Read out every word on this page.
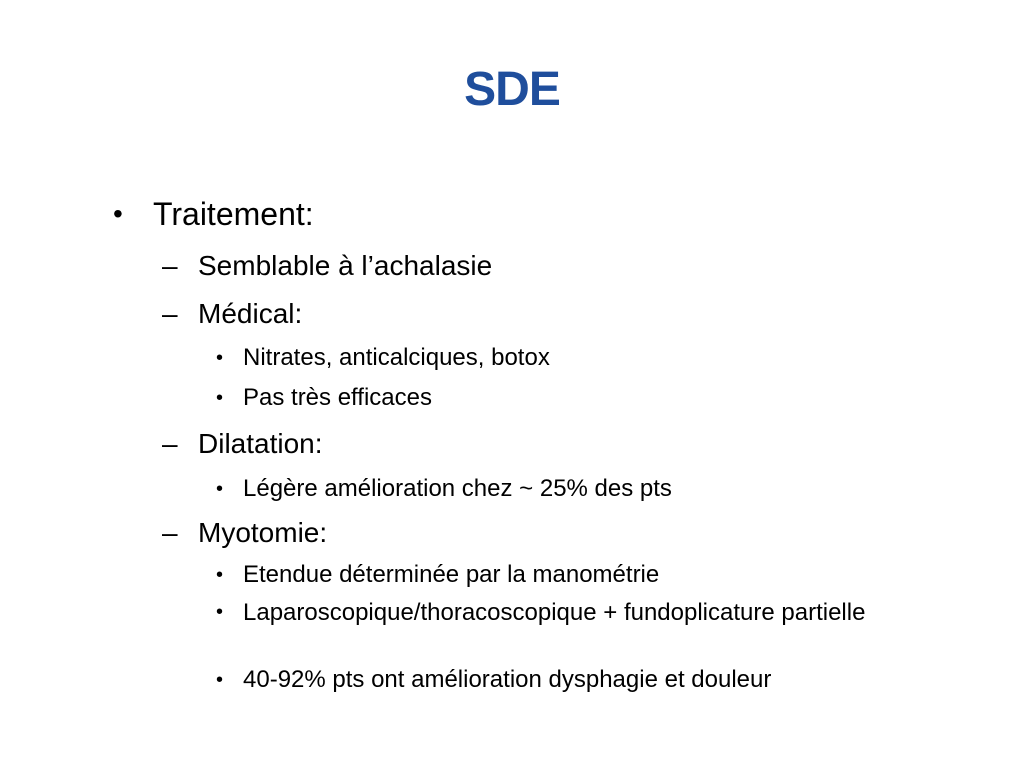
SDE
• Traitement:
– Semblable à l’achalasie
– Médical:
• Nitrates, anticalciques, botox
• Pas très efficaces
– Dilatation:
• Légère amélioration chez ~ 25% des pts
– Myotomie:
• Etendue déterminée par la manométrie
• Laparoscopique/thoracoscopique + fundoplicature partielle
• 40-92% pts ont amélioration dysphagie et douleur
